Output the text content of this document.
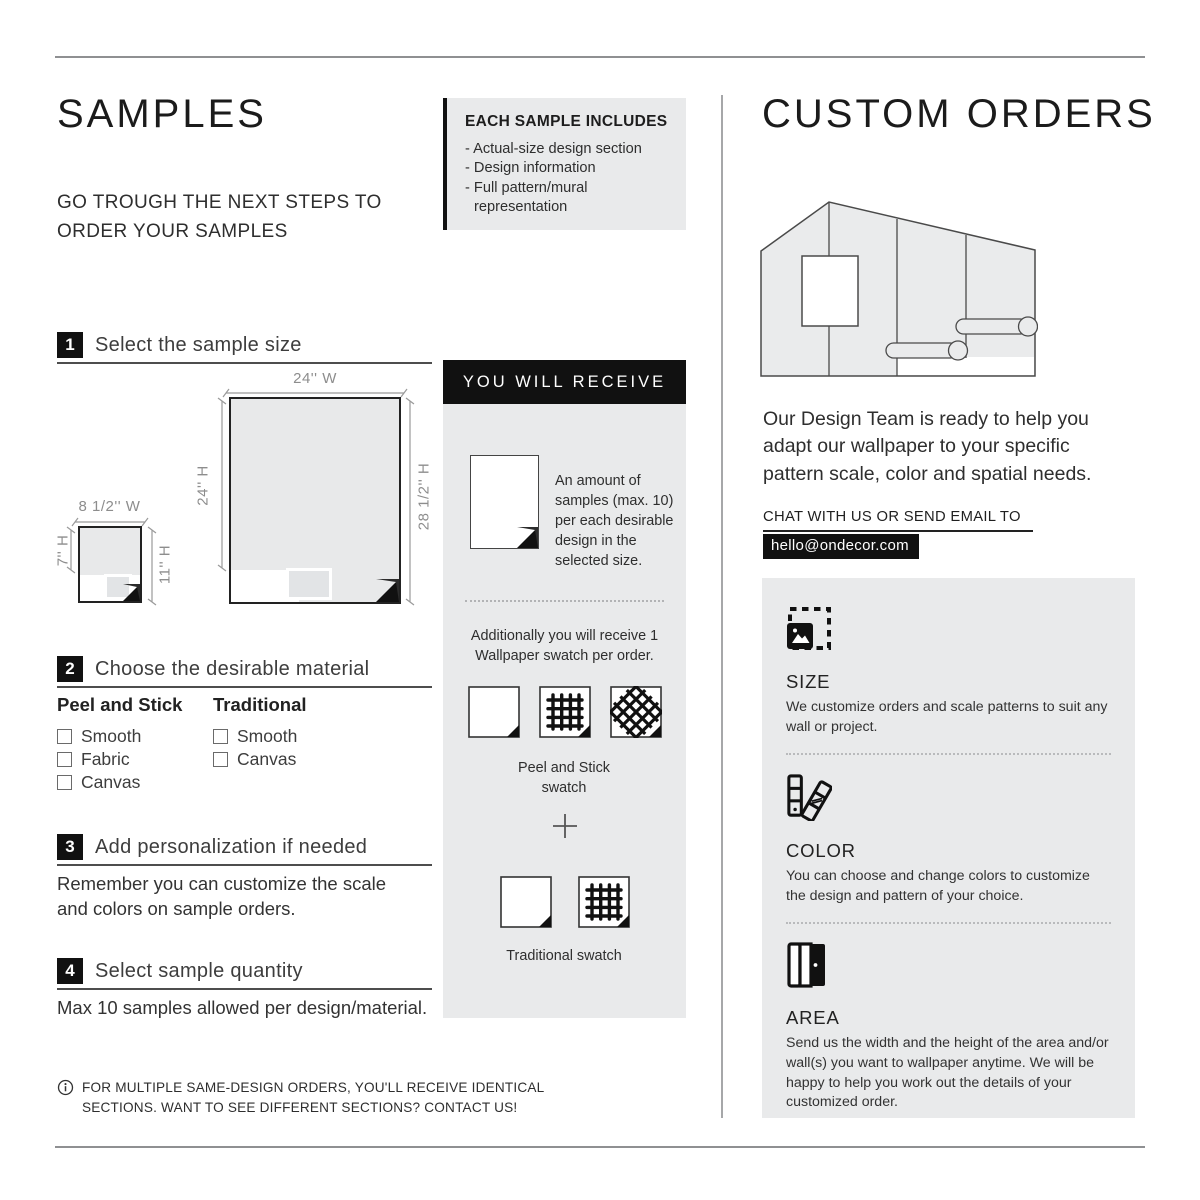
SAMPLES
GO TROUGH THE NEXT STEPS TO ORDER YOUR SAMPLES
1	Select the sample size
24'' W
24'' H	28 1/2'' H
8 1/2'' W
7'' H	11'' H
2	Choose the desirable material
Peel and Stick
Smooth
Fabric
Canvas
Traditional
Smooth
Canvas
3	Add personalization if needed
Remember you can customize the scale and colors on sample orders.
4	Select sample quantity
Max 10 samples allowed per design/material.
FOR MULTIPLE SAME-DESIGN ORDERS, YOU'LL RECEIVE IDENTICAL SECTIONS. WANT TO SEE DIFFERENT SECTIONS? CONTACT US!
EACH SAMPLE INCLUDES
- Actual-size design section
- Design information
- Full pattern/mural representation
YOU WILL RECEIVE
An amount of samples (max. 10) per each desirable design in the selected size.
Additionally you will receive 1 Wallpaper swatch per order.
Peel and Stick swatch
Traditional swatch
CUSTOM ORDERS
Our Design Team is ready to help you adapt our wallpaper to your specific pattern scale, color and spatial needs.
CHAT WITH US OR SEND EMAIL TO
hello@ondecor.com
SIZE
We customize orders and scale patterns to suit any wall or project.
COLOR
You can choose and change colors to customize the design and pattern of your choice.
AREA
Send us the width and the height of the area and/or wall(s) you want to wallpaper anytime. We will be happy to help you work out the details of your customized order.
